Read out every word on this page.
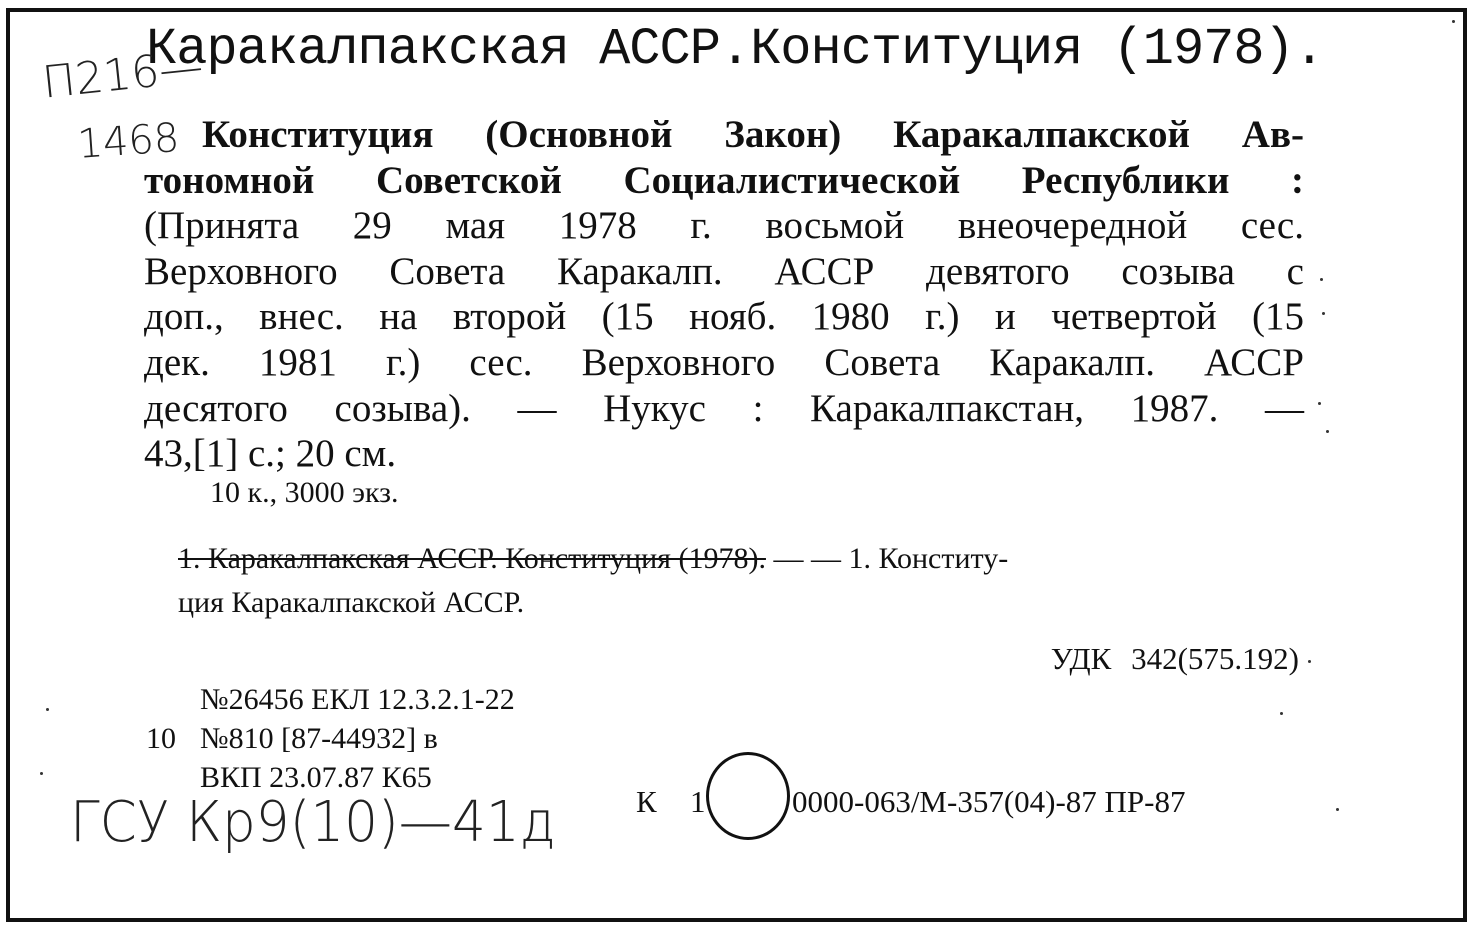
Каракалпакская АССР.Конституция (1978).
П216—
1468 Конституция (Основной Закон) Каракалпакской Ав-
тономной Советской Социалистической Республики :
(Принята 29 мая 1978 г. восьмой внеочередной сес.
Верховного Совета Каракалп. АССР девятого созыва с
доп., внес. на второй (15 нояб. 1980 г.) и четвертой (15
дек. 1981 г.) сес. Верховного Совета Каракалп. АССР
десятого созыва). — Нукус : Каракалпакстан, 1987. —
43,[1] с.; 20 см.
10 к., 3000 экз.
1. Каракалпакская АССР. Конституция (1978). — — 1. Конститу-
ция Каракалпакской АССР.
УДК 342(575.192)
№26456 ЕКЛ 12.3.2.1-22
10 №810 [87-44932] в
ВКП 23.07.87 К65
ГСУ Кр9(10)—41д	К 1	0000-063/М-357(04)-87 ПР-87
